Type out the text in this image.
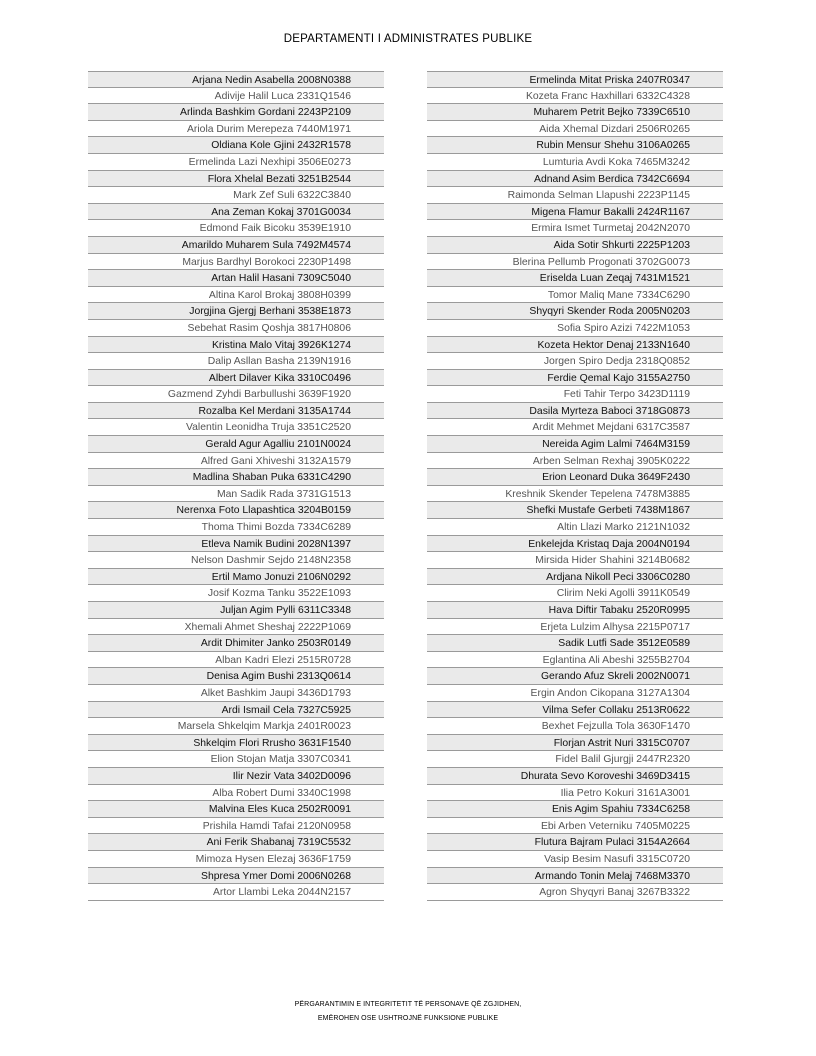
DEPARTAMENTI I ADMINISTRATES PUBLIKE
Arjana Nedin Asabella 2008N0388
Adivije Halil Luca 2331Q1546
Arlinda Bashkim Gordani 2243P2109
Ariola Durim Merepeza 7440M1971
Oldiana Kole Gjini 2432R1578
Ermelinda Lazi Nexhipi 3506E0273
Flora Xhelal Bezati 3251B2544
Mark Zef Suli 6322C3840
Ana Zeman Kokaj 3701G0034
Edmond Faik Bicoku 3539E1910
Amarildo Muharem Sula 7492M4574
Marjus Bardhyl Borokoci 2230P1498
Artan Halil Hasani 7309C5040
Altina Karol Brokaj 3808H0399
Jorgjina Gjergj Berhani 3538E1873
Sebehat Rasim Qoshja 3817H0806
Kristina Malo Vitaj 3926K1274
Dalip Asllan Basha 2139N1916
Albert Dilaver Kika 3310C0496
Gazmend Zyhdi Barbullushi 3639F1920
Rozalba Kel Merdani 3135A1744
Valentin Leonidha Truja 3351C2520
Gerald Agur Agalliu 2101N0024
Alfred Gani Xhiveshi 3132A1579
Madlina Shaban Puka 6331C4290
Man Sadik Rada 3731G1513
Nerenxa Foto Llapashtica 3204B0159
Thoma Thimi Bozda 7334C6289
Etleva Namik Budini 2028N1397
Nelson Dashmir Sejdo 2148N2358
Ertil Mamo Jonuzi 2106N0292
Josif Kozma Tanku 3522E1093
Juljan Agim Pylli 6311C3348
Xhemali Ahmet Sheshaj 2222P1069
Ardit Dhimiter Janko 2503R0149
Alban Kadri Elezi 2515R0728
Denisa Agim Bushi 2313Q0614
Alket Bashkim Jaupi 3436D1793
Ardi Ismail Cela 7327C5925
Marsela Shkelqim Markja 2401R0023
Shkelqim Flori Rrusho 3631F1540
Elion Stojan Matja 3307C0341
Ilir Nezir Vata 3402D0096
Alba Robert Dumi 3340C1998
Malvina Eles Kuca 2502R0091
Prishila Hamdi Tafai 2120N0958
Ani Ferik Shabanaj 7319C5532
Mimoza Hysen Elezaj 3636F1759
Shpresa Ymer Domi 2006N0268
Artor Llambi Leka 2044N2157
Ermelinda Mitat Priska 2407R0347
Kozeta Franc Haxhillari 6332C4328
Muharem Petrit Bejko 7339C6510
Aida Xhemal Dizdari 2506R0265
Rubin Mensur Shehu 3106A0265
Lumturia Avdi Koka 7465M3242
Adnand Asim Berdica 7342C6694
Raimonda Selman Llapushi 2223P1145
Migena Flamur Bakalli 2424R1167
Ermira Ismet Turmetaj 2042N2070
Aida Sotir Shkurti 2225P1203
Blerina Pellumb Progonati 3702G0073
Eriselda Luan Zeqaj 7431M1521
Tomor Maliq Mane 7334C6290
Shyqyri Skender Roda 2005N0203
Sofia Spiro Azizi 7422M1053
Kozeta Hektor Denaj 2133N1640
Jorgen Spiro Dedja 2318Q0852
Ferdie Qemal Kajo 3155A2750
Feti Tahir Terpo 3423D1119
Dasila Myrteza Baboci 3718G0873
Ardit Mehmet Mejdani 6317C3587
Nereida Agim Lalmi 7464M3159
Arben Selman Rexhaj 3905K0222
Erion Leonard Duka 3649F2430
Kreshnik Skender Tepelena 7478M3885
Shefki Mustafe Gerbeti 7438M1867
Altin Llazi Marko 2121N1032
Enkelejda Kristaq Daja 2004N0194
Mirsida Hider Shahini 3214B0682
Ardjana Nikoll Peci 3306C0280
Clirim Neki Agolli 3911K0549
Hava Diftir Tabaku 2520R0995
Erjeta Lulzim Alhysa 2215P0717
Sadik Lutfi Sade 3512E0589
Eglantina Ali Abeshi 3255B2704
Gerando Afuz Skreli 2002N0071
Ergin Andon Cikopana 3127A1304
Vilma Sefer Collaku 2513R0622
Bexhet Fejzulla Tola 3630F1470
Florjan Astrit Nuri 3315C0707
Fidel Balil Gjurgji 2447R2320
Dhurata Sevo Koroveshi 3469D3415
Ilia Petro Kokuri 3161A3001
Enis Agim Spahiu 7334C6258
Ebi Arben Veterniku 7405M0225
Flutura Bajram Pulaci 3154A2664
Vasip Besim Nasufi 3315C0720
Armando Tonin Melaj 7468M3370
Agron Shyqyri Banaj 3267B3322
PËRGARANTIMIN E INTEGRITETIT TË PERSONAVE QË ZGJIDHEN,
EMËROHEN OSE USHTROJNË FUNKSIONE PUBLIKE
